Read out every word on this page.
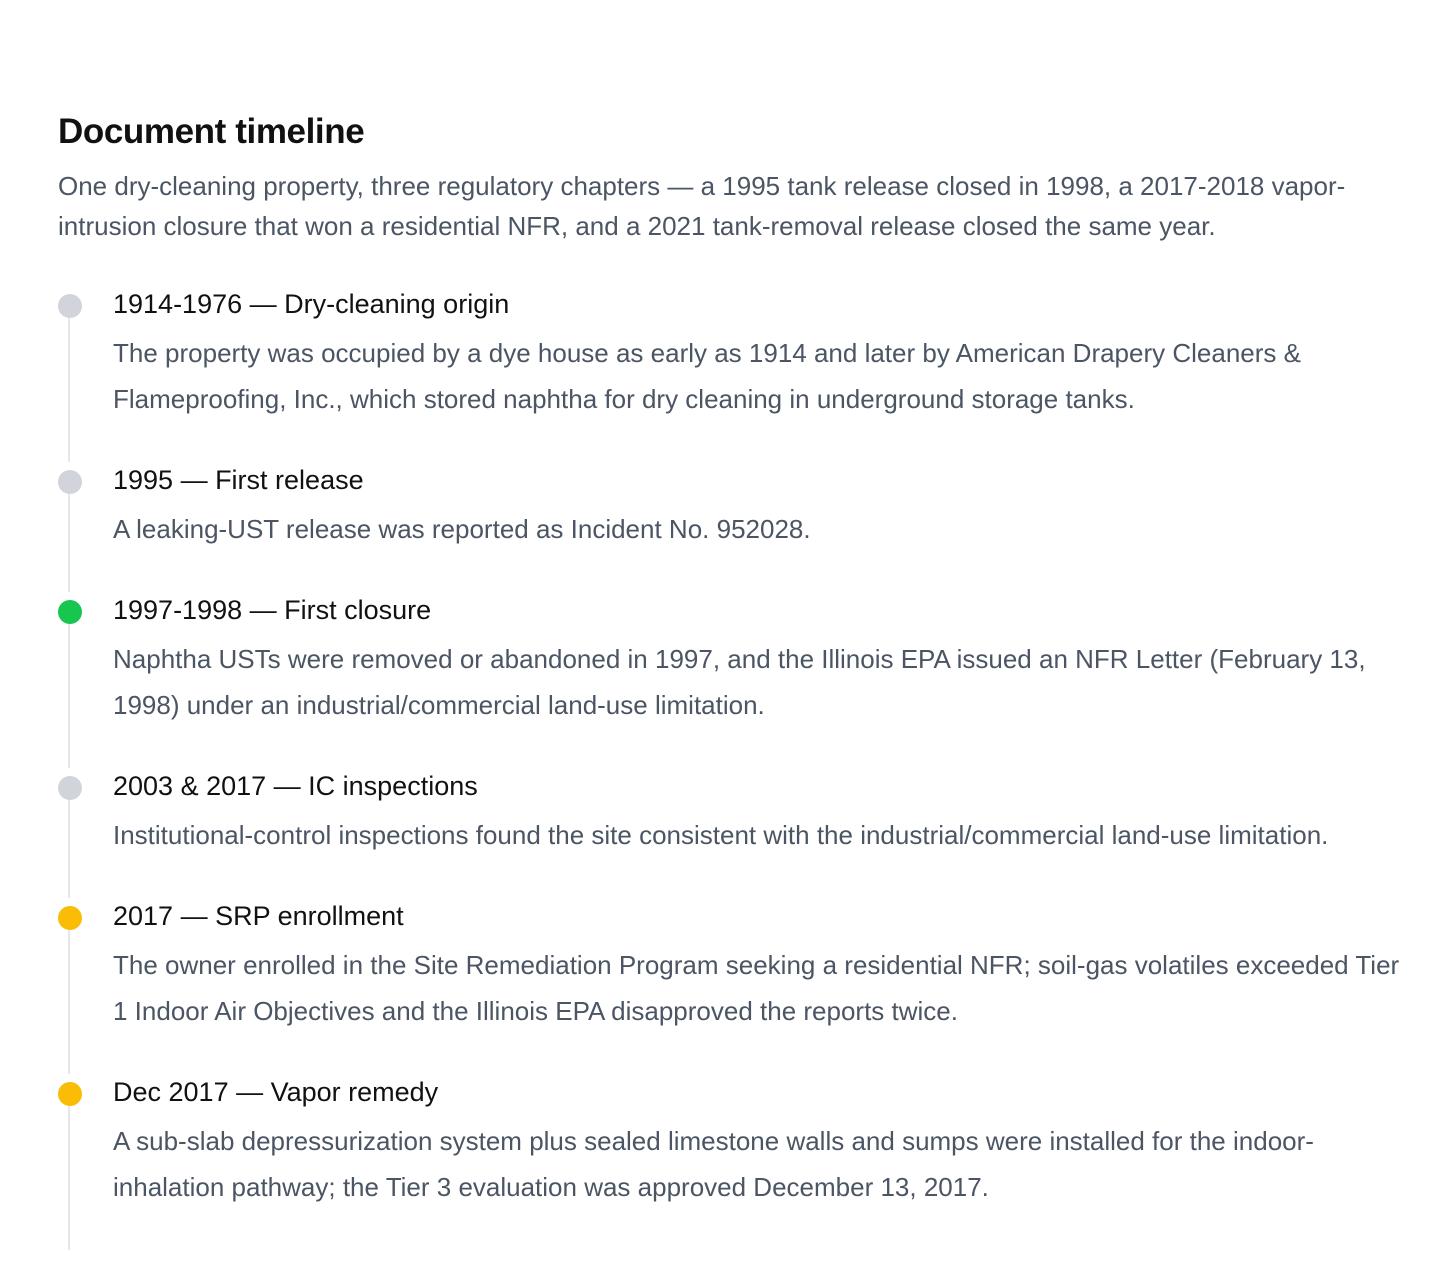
Document timeline

One dry-cleaning property, three regulatory chapters — a 1995 tank release closed in 1998, a 2017-2018 vapor-intrusion closure that won a residential NFR, and a 2021 tank-removal release closed the same year.

1914-1976 — Dry-cleaning origin
The property was occupied by a dye house as early as 1914 and later by American Drapery Cleaners & Flameproofing, Inc., which stored naphtha for dry cleaning in underground storage tanks.
1995 — First release
A leaking-UST release was reported as Incident No. 952028.
1997-1998 — First closure
Naphtha USTs were removed or abandoned in 1997, and the Illinois EPA issued an NFR Letter (February 13, 1998) under an industrial/commercial land-use limitation.
2003 & 2017 — IC inspections
Institutional-control inspections found the site consistent with the industrial/commercial land-use limitation.
2017 — SRP enrollment
The owner enrolled in the Site Remediation Program seeking a residential NFR; soil-gas volatiles exceeded Tier 1 Indoor Air Objectives and the Illinois EPA disapproved the reports twice.
Dec 2017 — Vapor remedy
A sub-slab depressurization system plus sealed limestone walls and sumps were installed for the indoor-inhalation pathway; the Tier 3 evaluation was approved December 13, 2017.
